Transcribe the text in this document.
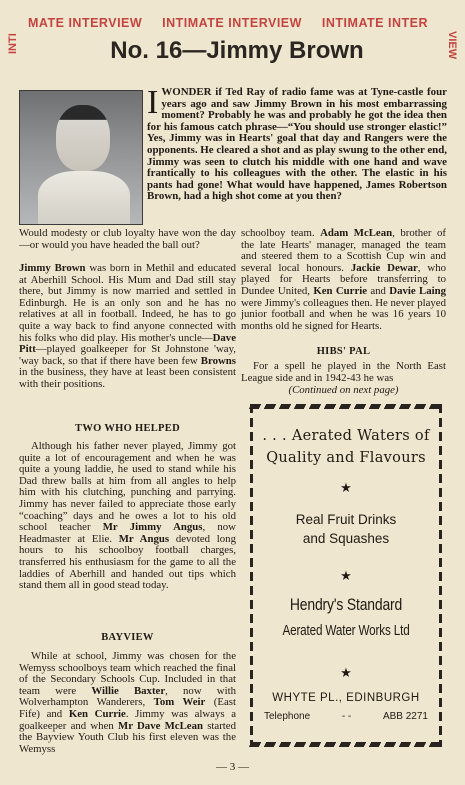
INTI
MATE INTERVIEW INTIMATE INTERVIEW INTIMATE INTER
VIEW
No. 16—Jimmy Brown
I WONDER if Ted Ray of radio fame was at Tyne-castle four years ago and saw Jimmy Brown in his most embarrassing moment? Probably he was and probably he got the idea then for his famous catch phrase—“You should use stronger elastic!” Yes, Jimmy was in Hearts' goal that day and Rangers were the opponents. He cleared a shot and as play swung to the other end, Jimmy was seen to clutch his middle with one hand and wave frantically to his colleagues with the other. The elastic in his pants had gone! What would have happened, James Robertson Brown, had a high shot come at you then?
Would modesty or club loyalty have won the day—or would you have headed the ball out?
Jimmy Brown was born in Methil and educated at Aberhill School. His Mum and Dad still stay there, but Jimmy is now married and settled in Edinburgh. He is an only son and he has no relatives at all in football. Indeed, he has to go quite a way back to find anyone connected with his folks who did play. His mother's uncle—Dave Pitt—played goalkeeper for St Johnstone 'way, 'way back, so that if there have been few Browns in the business, they have at least been consistent with their positions.
TWO WHO HELPED
Although his father never played, Jimmy got quite a lot of encouragement and when he was quite a young laddie, he used to stand while his Dad threw balls at him from all angles to help him with his clutching, punching and parrying. Jimmy has never failed to appreciate those early “coaching” days and he owes a lot to his old school teacher Mr Jimmy Angus, now Headmaster at Elie. Mr Angus devoted long hours to his schoolboy football charges, transferred his enthusiasm for the game to all the laddies of Aberhill and handed out tips which stand them all in good stead today.
BAYVIEW
While at school, Jimmy was chosen for the Wemyss schoolboys team which reached the final of the Secondary Schools Cup. Included in that team were Willie Baxter, now with Wolverhampton Wanderers, Tom Weir (East Fife) and Ken Currie. Jimmy was always a goalkeeper and when Mr Dave McLean started the Bayview Youth Club his first eleven was the Wemyss
schoolboy team. Adam McLean, brother of the late Hearts' manager, managed the team and steered them to a Scottish Cup win and several local honours. Jackie Dewar, who played for Hearts before transferring to Dundee United, Ken Currie and Davie Laing were Jimmy's colleagues then. He never played junior football and when he was 16 years 10 months old he signed for Hearts.
HIBS' PAL
For a spell he played in the North East League side and in 1942-43 he was
(Continued on next page)
. . . Aerated Waters of
Quality and Flavours
★
Real Fruit Drinks
and Squashes
★
Hendry's Standard
Aerated Water Works Ltd
★
WHYTE PL., EDINBURGH
Telephone	- -	ABB 2271
— 3 —
